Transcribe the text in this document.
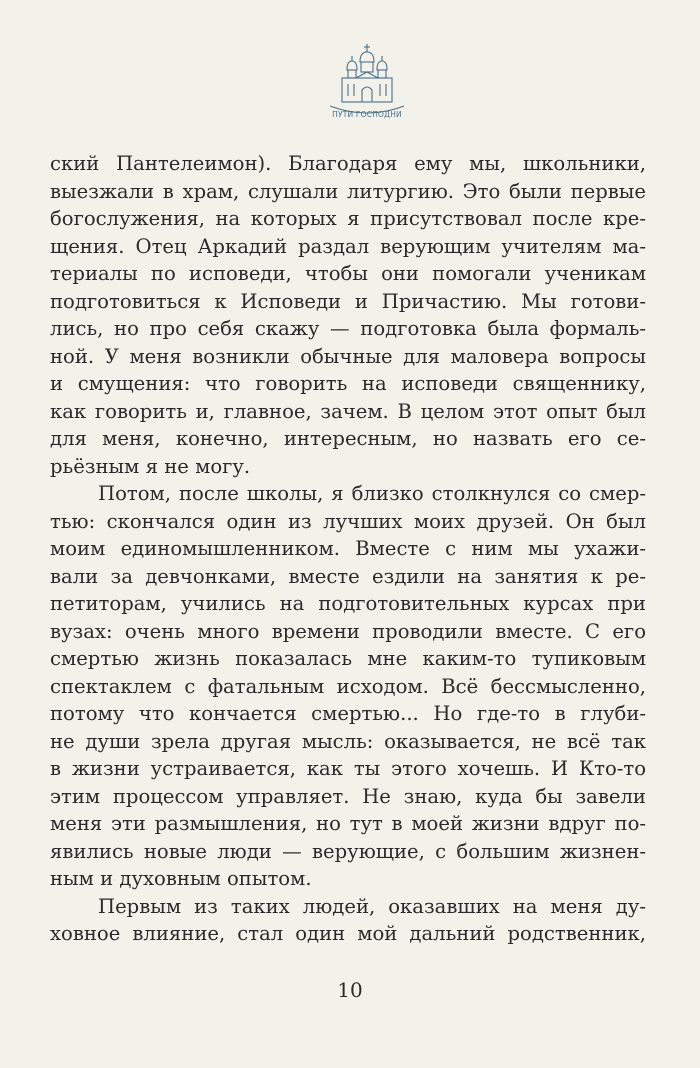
ПУТИ ГОСПОДНИ
ский Пантелеимон). Благодаря ему мы, школьники,
выезжали в храм, слушали литургию. Это были первые
богослужения, на которых я присутствовал после кре-
щения. Отец Аркадий раздал верующим учителям ма-
териалы по исповеди, чтобы они помогали ученикам
подготовиться к Исповеди и Причастию. Мы готови-
лись, но про себя скажу — подготовка была формаль-
ной. У меня возникли обычные для маловера вопросы
и смущения: что говорить на исповеди священнику,
как говорить и, главное, зачем. В целом этот опыт был
для меня, конечно, интересным, но назвать его се-
рьёзным я не могу.
Потом, после школы, я близко столкнулся со смер-
тью: скончался один из лучших моих друзей. Он был
моим единомышленником. Вместе с ним мы ухажи-
вали за девчонками, вместе ездили на занятия к ре-
петиторам, учились на подготовительных курсах при
вузах: очень много времени проводили вместе. С его
смертью жизнь показалась мне каким-то тупиковым
спектаклем с фатальным исходом. Всё бессмысленно,
потому что кончается смертью... Но где-то в глуби-
не души зрела другая мысль: оказывается, не всё так
в жизни устраивается, как ты этого хочешь. И Кто-то
этим процессом управляет. Не знаю, куда бы завели
меня эти размышления, но тут в моей жизни вдруг по-
явились новые люди — верующие, с большим жизнен-
ным и духовным опытом.
Первым из таких людей, оказавших на меня ду-
ховное влияние, стал один мой дальний родственник,
10
